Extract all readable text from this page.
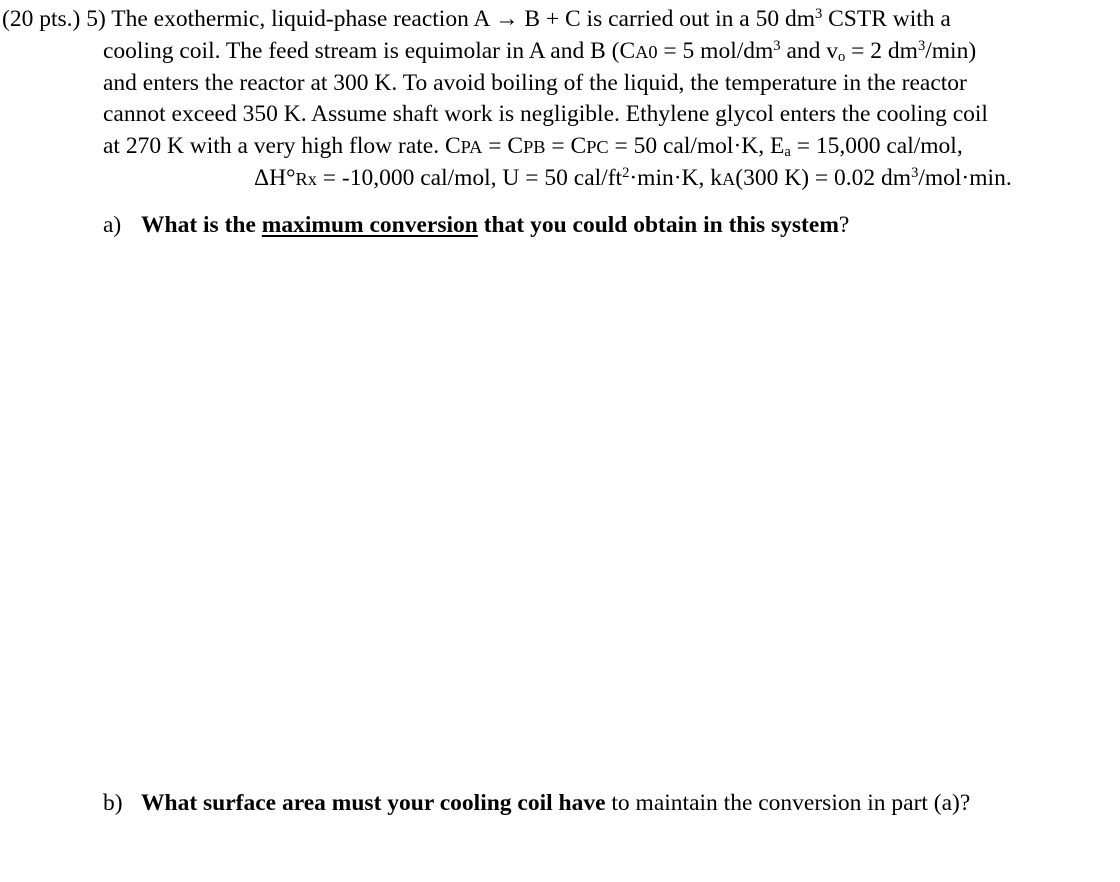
(20 pts.) 5) The exothermic, liquid-phase reaction A → B + C is carried out in a 50 $dm^3$ CSTR with a
cooling coil. The feed stream is equimolar in A and B (CA0 = 5 mol/$dm^3$ and $v_o = 2$ $dm^3/\min$)
and enters the reactor at 300 K. To avoid boiling of the liquid, the temperature in the reactor
cannot exceed 350 K. Assume shaft work is negligible. Ethylene glycol enters the cooling coil
at 270 K with a very high flow rate. CPA = CPB = CPC = 50 cal/mol·K, $E_a = 15,000$ cal/mol,
ΔH°Rx = -10,000 cal/mol, U = 50 cal/$ft^2\cdot\min\cdot K$, kA(300 K) = 0.02 $dm^3/mol\cdot\min$.
a) What is the maximum conversion that you could obtain in this system?
b) What surface area must your cooling coil have to maintain the conversion in part (a)?
